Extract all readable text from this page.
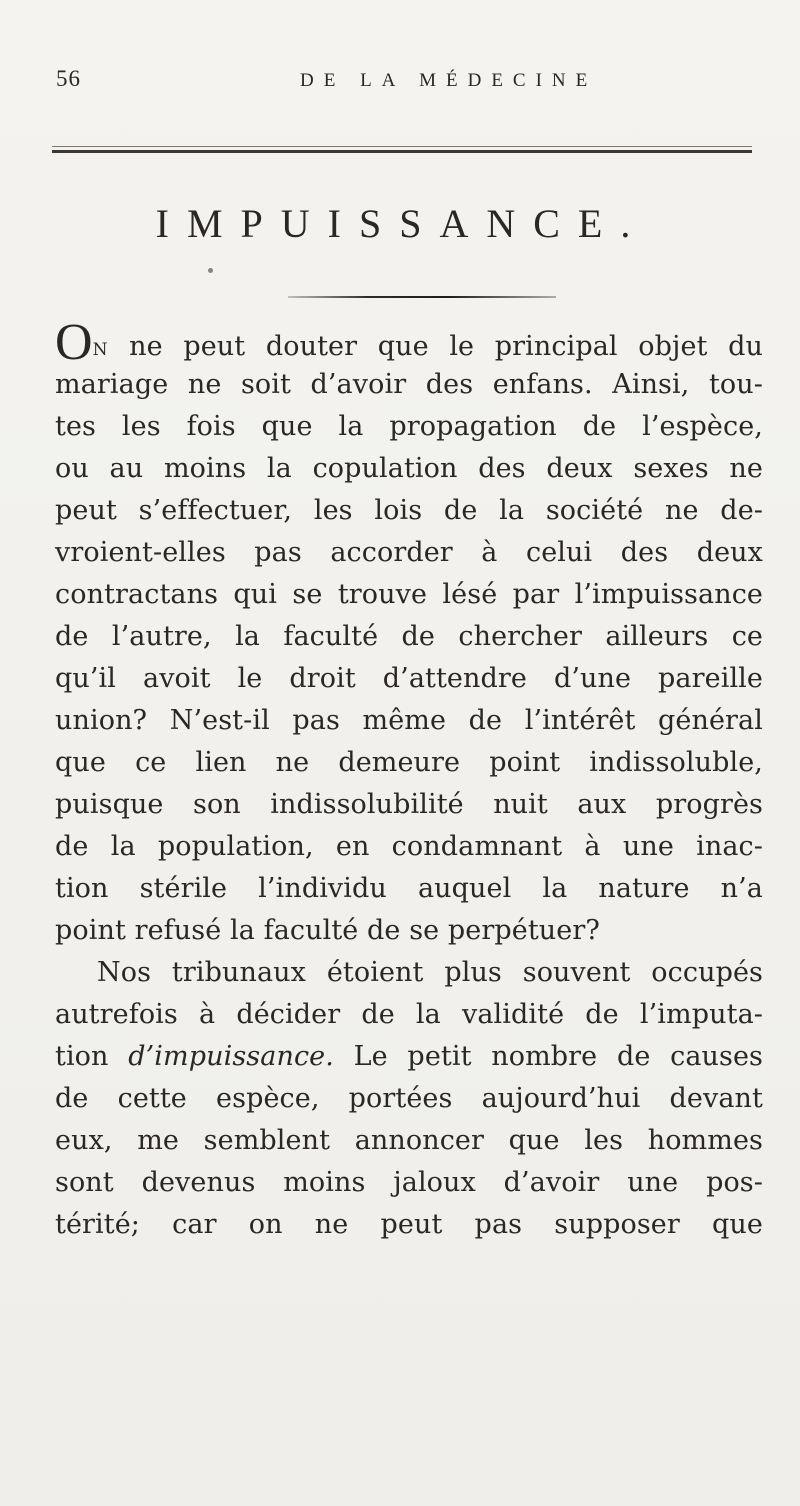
56	DE LA MÉDECINE
IMPUISSANCE.
ON ne peut douter que le principal objet du
mariage ne soit d’avoir des enfans. Ainsi, tou-
tes les fois que la propagation de l’espèce,
ou au moins la copulation des deux sexes ne
peut s’effectuer, les lois de la société ne de-
vroient-elles pas accorder à celui des deux
contractans qui se trouve lésé par l’impuissance
de l’autre, la faculté de chercher ailleurs ce
qu’il avoit le droit d’attendre d’une pareille
union? N’est-il pas même de l’intérêt général
que ce lien ne demeure point indissoluble,
puisque son indissolubilité nuit aux progrès
de la population, en condamnant à une inac-
tion stérile l’individu auquel la nature n’a
point refusé la faculté de se perpétuer?
Nos tribunaux étoient plus souvent occupés
autrefois à décider de la validité de l’imputa-
tion d’impuissance. Le petit nombre de causes
de cette espèce, portées aujourd’hui devant
eux, me semblent annoncer que les hommes
sont devenus moins jaloux d’avoir une pos-
térité; car on ne peut pas supposer que
